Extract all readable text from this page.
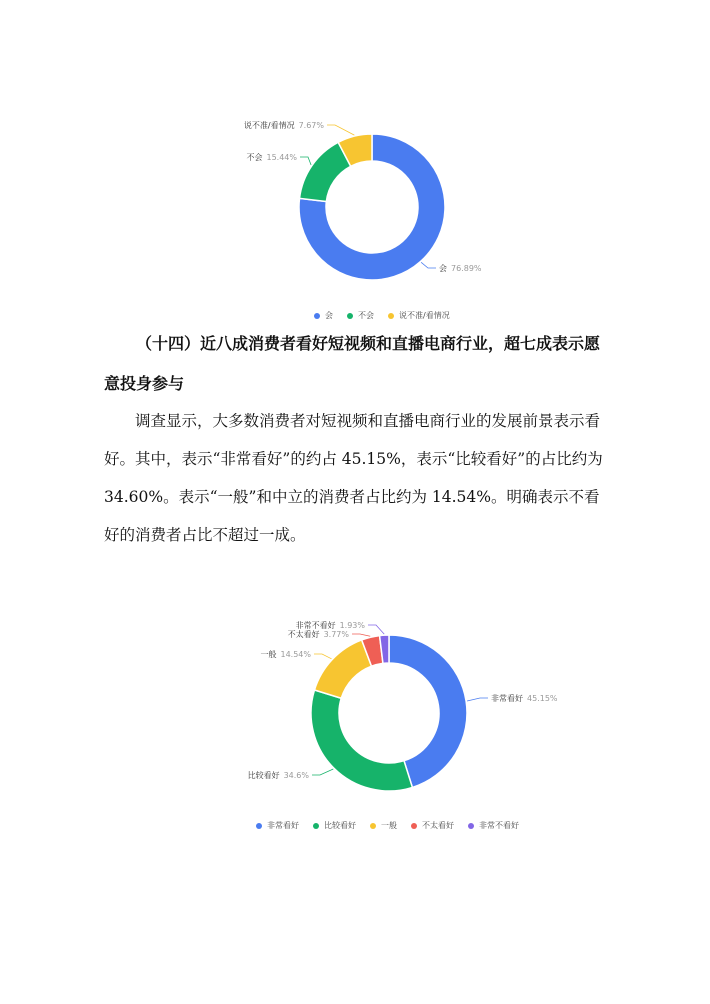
会 76.89%
不会 15.44%
说不准/看情况 7.67%
会	不会	说不准/看情况
（十四）近八成消费者看好短视频和直播电商行业，超七成表示愿意投身参与

调查显示，大多数消费者对短视频和直播电商行业的发展前景表示看好。其中，表示“非常看好”的约占 45.15%，表示“比较看好”的占比约为 34.60%。表示“一般”和中立的消费者占比约为 14.54%。明确表示不看好的消费者占比不超过一成。

非常看好 45.15%
比较看好 34.6%
一般 14.54%
不太看好 3.77%
非常不看好 1.93%
非常看好	比较看好	一般	不太看好	非常不看好
